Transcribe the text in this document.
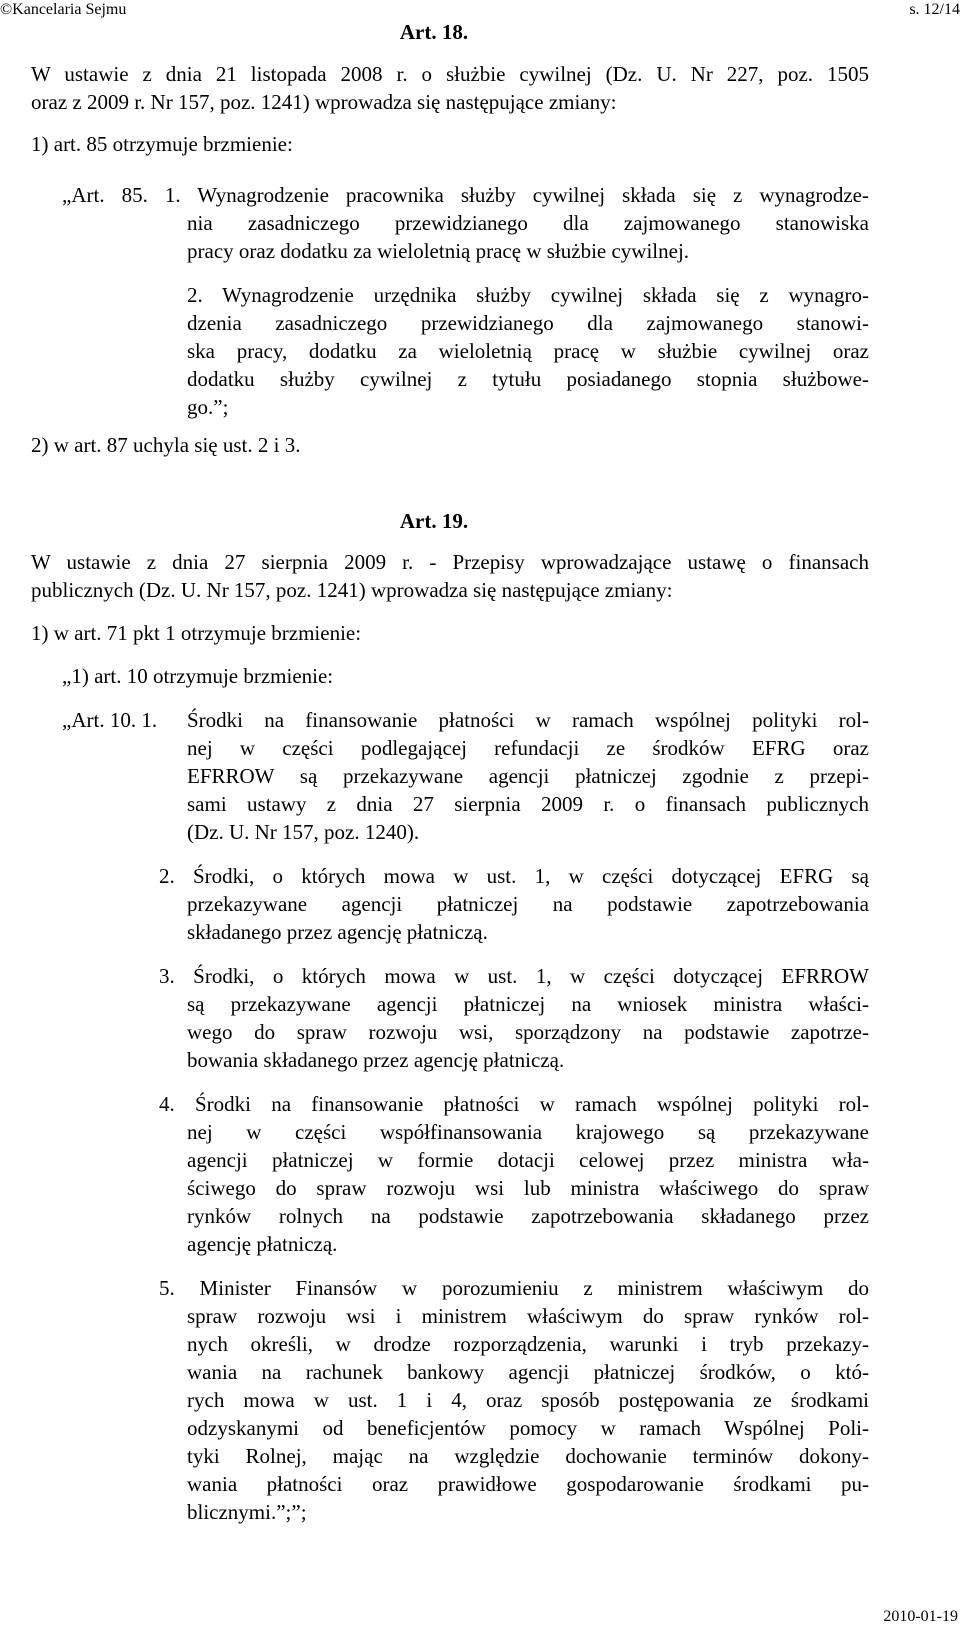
©Kancelaria Sejmu	s. 12/14
Art. 18.

W ustawie z dnia 21 listopada 2008 r. o służbie cywilnej (Dz. U. Nr 227, poz. 1505

oraz z 2009 r. Nr 157, poz. 1241) wprowadza się następujące zmiany:

1) art. 85 otrzymuje brzmienie:

„Art. 85. 1. Wynagrodzenie pracownika służby cywilnej składa się z wynagrodze-

nia zasadniczego przewidzianego dla zajmowanego stanowiska

pracy oraz dodatku za wieloletnią pracę w służbie cywilnej.

2. Wynagrodzenie urzędnika służby cywilnej składa się z wynagro-

dzenia zasadniczego przewidzianego dla zajmowanego stanowi-

ska pracy, dodatku za wieloletnią pracę w służbie cywilnej oraz

dodatku służby cywilnej z tytułu posiadanego stopnia służbowe-

go.”;

2) w art. 87 uchyla się ust. 2 i 3.

Art. 19.

W ustawie z dnia 27 sierpnia 2009 r. - Przepisy wprowadzające ustawę o finansach

publicznych (Dz. U. Nr 157, poz. 1241) wprowadza się następujące zmiany:

1) w art. 71 pkt 1 otrzymuje brzmienie:

„1) art. 10 otrzymuje brzmienie:

„Art. 10. 1. Środki na finansowanie płatności w ramach wspólnej polityki rol-

nej w części podlegającej refundacji ze środków EFRG oraz

EFRROW są przekazywane agencji płatniczej zgodnie z przepi-

sami ustawy z dnia 27 sierpnia 2009 r. o finansach publicznych

(Dz. U. Nr 157, poz. 1240).

2. Środki, o których mowa w ust. 1, w części dotyczącej EFRG są

przekazywane agencji płatniczej na podstawie zapotrzebowania

składanego przez agencję płatniczą.

3. Środki, o których mowa w ust. 1, w części dotyczącej EFRROW

są przekazywane agencji płatniczej na wniosek ministra właści-

wego do spraw rozwoju wsi, sporządzony na podstawie zapotrze-

bowania składanego przez agencję płatniczą.

4. Środki na finansowanie płatności w ramach wspólnej polityki rol-

nej w części współfinansowania krajowego są przekazywane

agencji płatniczej w formie dotacji celowej przez ministra wła-

ściwego do spraw rozwoju wsi lub ministra właściwego do spraw

rynków rolnych na podstawie zapotrzebowania składanego przez

agencję płatniczą.

5. Minister Finansów w porozumieniu z ministrem właściwym do

spraw rozwoju wsi i ministrem właściwym do spraw rynków rol-

nych określi, w drodze rozporządzenia, warunki i tryb przekazy-

wania na rachunek bankowy agencji płatniczej środków, o któ-

rych mowa w ust. 1 i 4, oraz sposób postępowania ze środkami

odzyskanymi od beneficjentów pomocy w ramach Wspólnej Poli-

tyki Rolnej, mając na względzie dochowanie terminów dokony-

wania płatności oraz prawidłowe gospodarowanie środkami pu-

blicznymi.”;”;

2010-01-19
